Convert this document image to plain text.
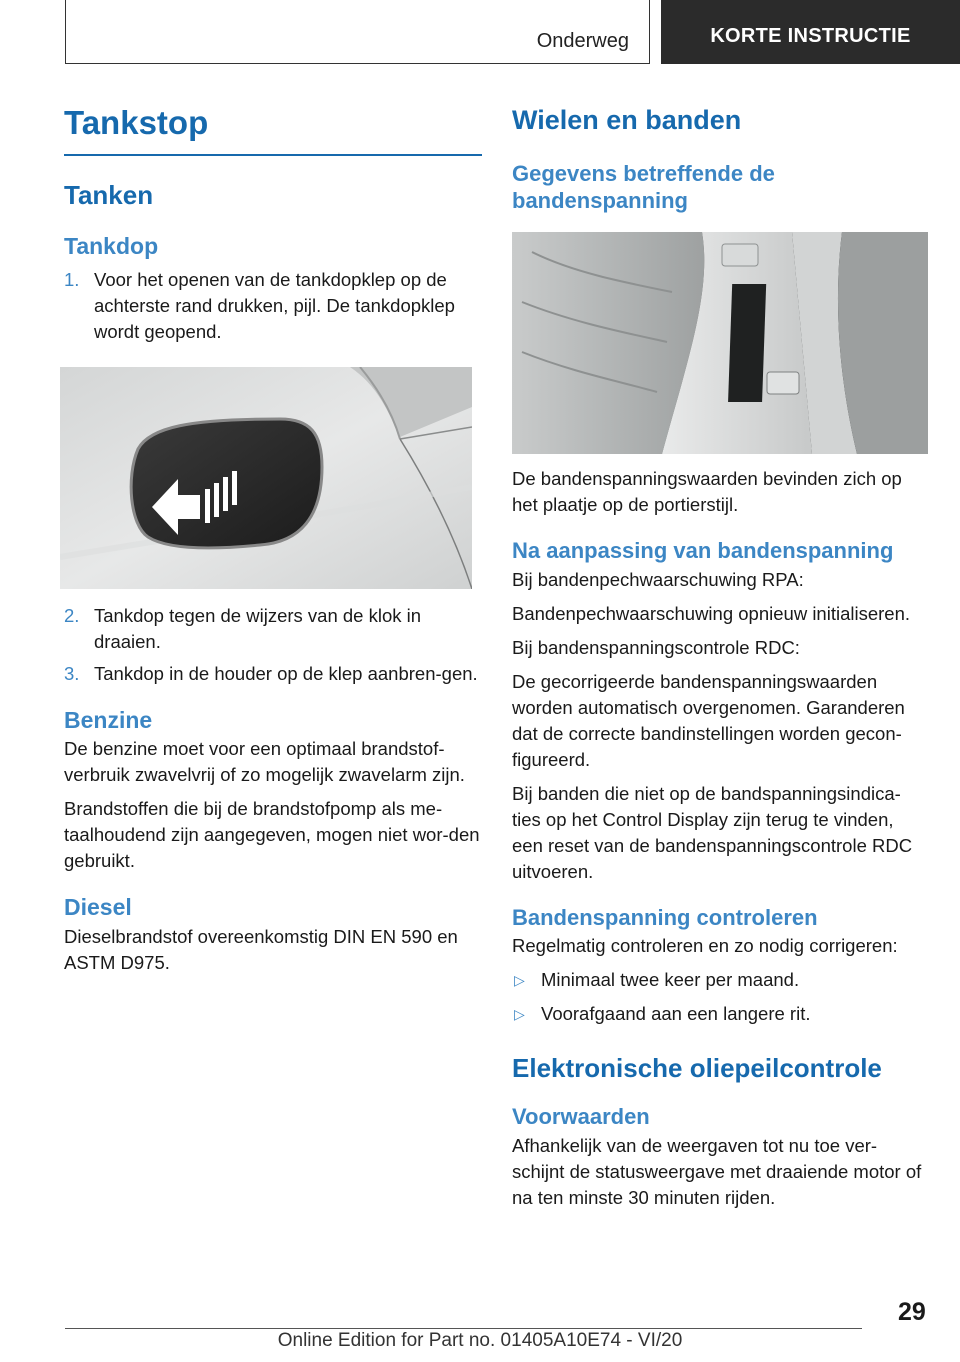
Onderweg	KORTE INSTRUCTIE
Tankstop
Tanken
Tankdop
1. Voor het openen van de tankdopklep op de achterste rand drukken, pijl. De tankdopklep wordt geopend.
2. Tankdop tegen de wijzers van de klok in draaien.
3. Tankdop in de houder op de klep aanbren-gen.
Benzine

De benzine moet voor een optimaal brandstof-verbruik zwavelvrij of zo mogelijk zwavelarm zijn.

Brandstoffen die bij de brandstofpomp als me-taalhoudend zijn aangegeven, mogen niet wor-den gebruikt.

Diesel

Dieselbrandstof overeenkomstig DIN EN 590 en ASTM D975.

Wielen en banden
Gegevens betreffende de bandenspanning

De bandenspanningswaarden bevinden zich op het plaatje op de portierstijl.

Na aanpassing van bandenspanning

Bij bandenpechwaarschuwing RPA:

Bandenpechwaarschuwing opnieuw initialiseren.

Bij bandenspanningscontrole RDC:

De gecorrigeerde bandenspanningswaarden worden automatisch overgenomen. Garanderen dat de correcte bandinstellingen worden gecon-figureerd.

Bij banden die niet op de bandspanningsindica-ties op het Control Display zijn terug te vinden, een reset van de bandenspanningscontrole RDC uitvoeren.

Bandenspanning controleren

Regelmatig controleren en zo nodig corrigeren:

▷ Minimaal twee keer per maand.
▷ Voorafgaand aan een langere rit.
Elektronische oliepeilcontrole
Voorwaarden

Afhankelijk van de weergaven tot nu toe ver-schijnt de statusweergave met draaiende motor of na ten minste 30 minuten rijden.

29
Online Edition for Part no. 01405A10E74 - VI/20
